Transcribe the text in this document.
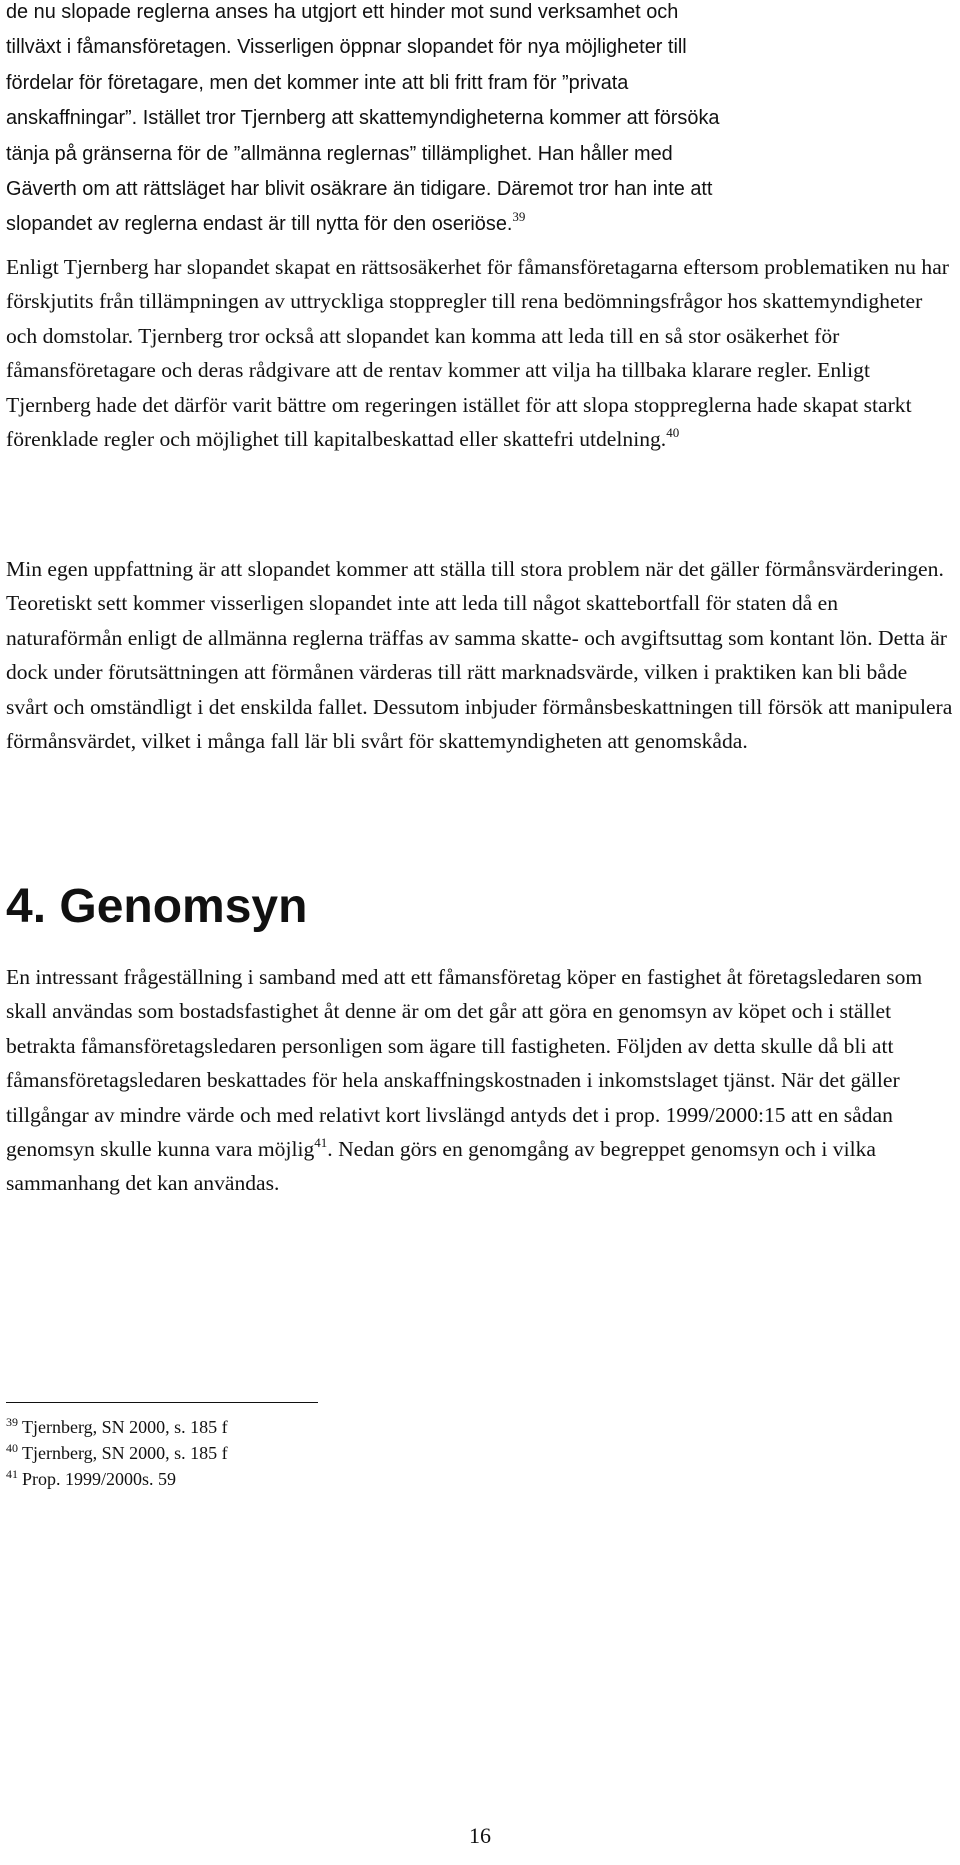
de nu slopade reglerna anses ha utgjort ett hinder mot sund verksamhet och
tillväxt i fåmansföretagen. Visserligen öppnar slopandet för nya möjligheter till
fördelar för företagare, men det kommer inte att bli fritt fram för ”privata
anskaffningar”. Istället tror Tjernberg att skattemyndigheterna kommer att försöka
tänja på gränserna för de ”allmänna reglernas” tillämplighet. Han håller med
Gäverth om att rättsläget har blivit osäkrare än tidigare. Däremot tror han inte att
slopandet av reglerna endast är till nytta för den oseriöse.$^{39}$

Enligt Tjernberg har slopandet skapat en rättsosäkerhet för fåmansföretagarna eftersom problematiken nu har förskjutits från tillämpningen av uttryckliga stoppregler till rena bedömningsfrågor hos skattemyndigheter och domstolar. Tjernberg tror också att slopandet kan komma att leda till en så stor osäkerhet för fåmansföretagare och deras rådgivare att de rentav kommer att vilja ha tillbaka klarare regler. Enligt Tjernberg hade det därför varit bättre om regeringen istället för att slopa stoppreglerna hade skapat starkt förenklade regler och möjlighet till kapitalbeskattad eller skattefri utdelning.$^{40}$

Min egen uppfattning är att slopandet kommer att ställa till stora problem när det gäller förmånsvärderingen. Teoretiskt sett kommer visserligen slopandet inte att leda till något skattebortfall för staten då en naturaförmån enligt de allmänna reglerna träffas av samma skatte- och avgiftsuttag som kontant lön. Detta är dock under förutsättningen att förmånen värderas till rätt marknadsvärde, vilken i praktiken kan bli både svårt och omständligt i det enskilda fallet. Dessutom inbjuder förmånsbeskattningen till försök att manipulera förmånsvärdet, vilket i många fall lär bli svårt för skattemyndigheten att genomskåda.

4. Genomsyn

En intressant frågeställning i samband med att ett fåmansföretag köper en fastighet åt företagsledaren som skall användas som bostadsfastighet åt denne är om det går att göra en genomsyn av köpet och i stället betrakta fåmansföretagsledaren personligen som ägare till fastigheten. Följden av detta skulle då bli att fåmansföretagsledaren beskattades för hela anskaffningskostnaden i inkomstslaget tjänst. När det gäller tillgångar av mindre värde och med relativt kort livslängd antyds det i prop. 1999/2000:15 att en sådan genomsyn skulle kunna vara möjlig$^{41}$. Nedan görs en genomgång av begreppet genomsyn och i vilka sammanhang det kan användas.

$^{39}$ Tjernberg, SN 2000, s. 185 f
$^{40}$ Tjernberg, SN 2000, s. 185 f
$^{41}$ Prop. 1999/2000s. 59
16
